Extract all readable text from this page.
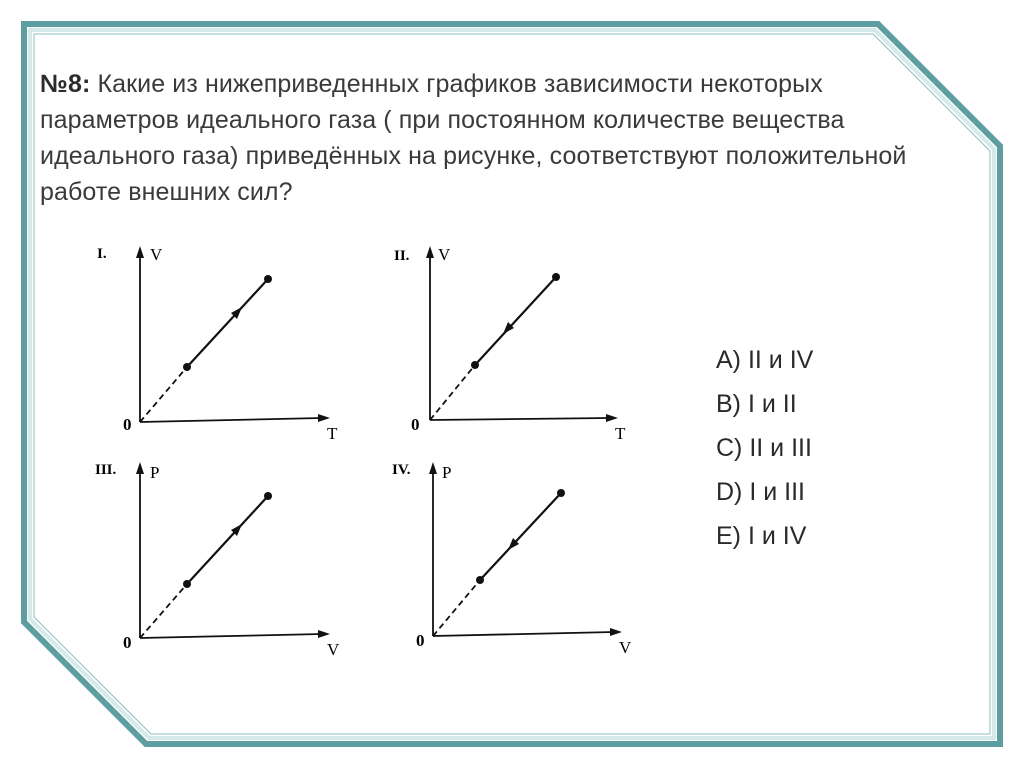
№8: Какие из нижеприведенных графиков зависимости некоторых параметров идеального газа ( при постоянном количестве вещества идеального газа) приведённых на рисунке, соответствуют положительной работе внешних сил?
I.	V
0	T
II. V
0	T
III. P
0	V
IV. P
0	V
A) II и IV
B) I и II
C) II и III
D) I и III
E) I и IV
